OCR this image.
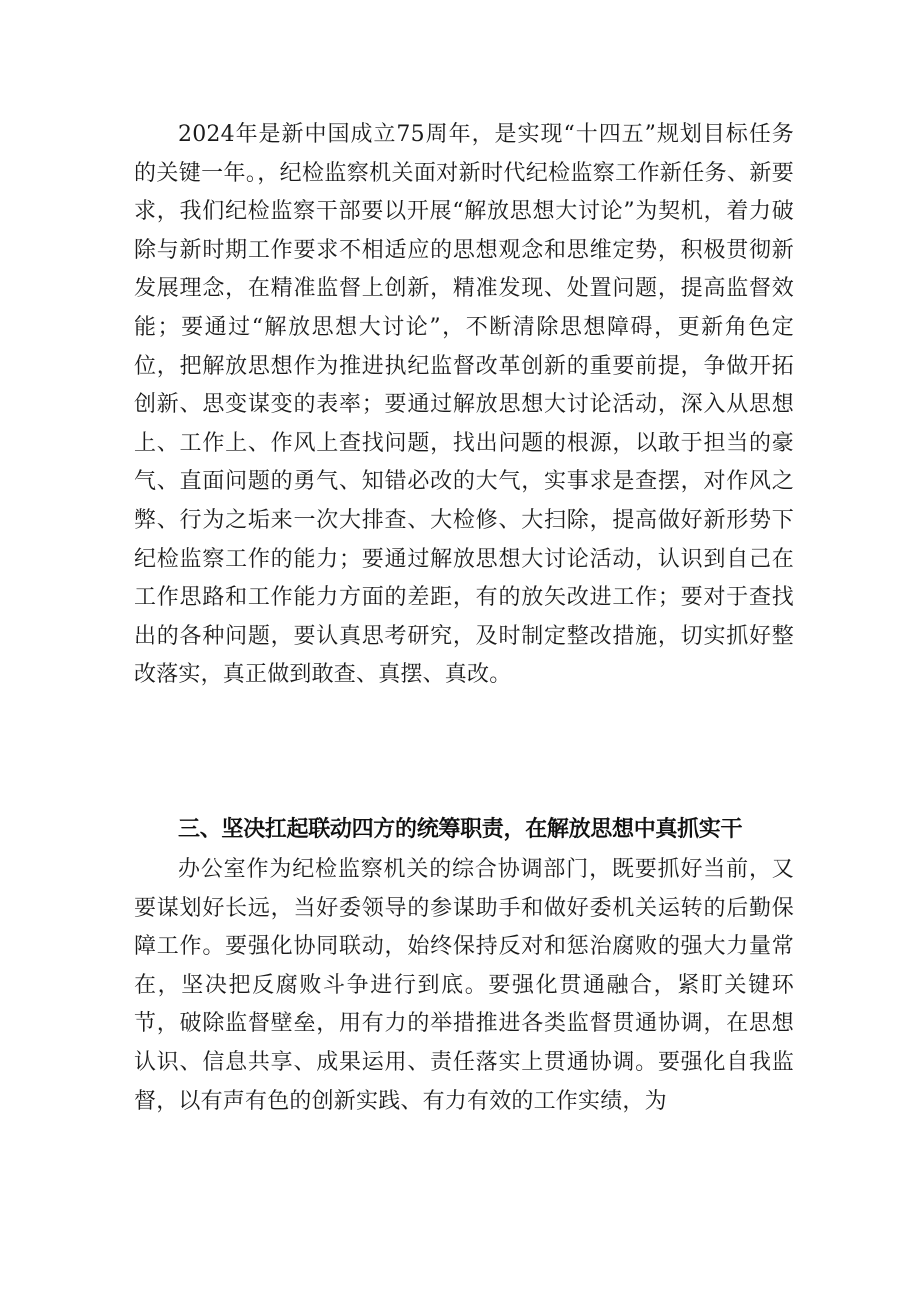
2024年是新中国成立75周年，是实现“十四五”规划目标任务的关键一年。，纪检监察机关面对新时代纪检监察工作新任务、新要求，我们纪检监察干部要以开展“解放思想大讨论”为契机，着力破除与新时期工作要求不相适应的思想观念和思维定势，积极贯彻新发展理念，在精准监督上创新，精准发现、处置问题，提高监督效能；要通过“解放思想大讨论”，不断清除思想障碍，更新角色定位，把解放思想作为推进执纪监督改革创新的重要前提，争做开拓创新、思变谋变的表率；要通过解放思想大讨论活动，深入从思想上、工作上、作风上查找问题，找出问题的根源，以敢于担当的豪气、直面问题的勇气、知错必改的大气，实事求是查摆，对作风之弊、行为之垢来一次大排查、大检修、大扫除，提高做好新形势下纪检监察工作的能力；要通过解放思想大讨论活动，认识到自己在工作思路和工作能力方面的差距，有的放矢改进工作；要对于查找出的各种问题，要认真思考研究，及时制定整改措施，切实抓好整改落实，真正做到敢查、真摆、真改。

三、坚决扛起联动四方的统筹职责，在解放思想中真抓实干

办公室作为纪检监察机关的综合协调部门，既要抓好当前，又要谋划好长远，当好委领导的参谋助手和做好委机关运转的后勤保障工作。要强化协同联动，始终保持反对和惩治腐败的强大力量常在，坚决把反腐败斗争进行到底。要强化贯通融合，紧盯关键环节，破除监督壁垒，用有力的举措推进各类监督贯通协调，在思想认识、信息共享、成果运用、责任落实上贯通协调。要强化自我监督，以有声有色的创新实践、有力有效的工作实绩，为
